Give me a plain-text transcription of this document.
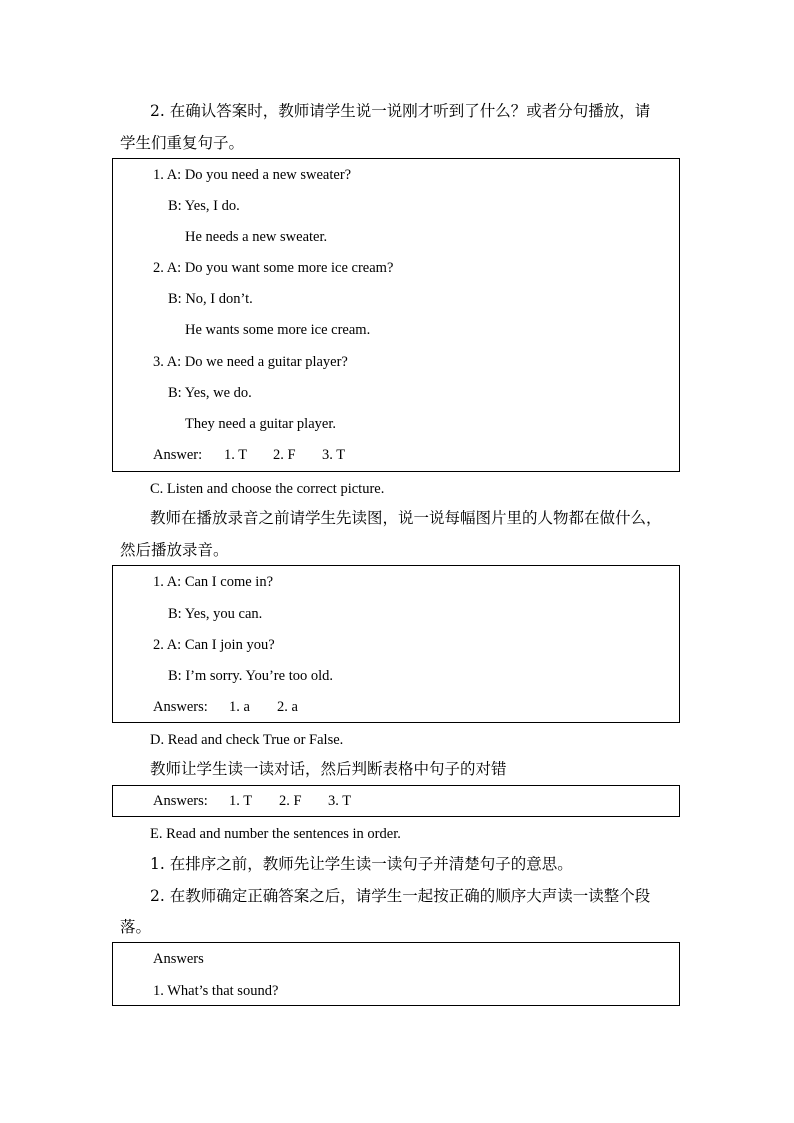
2. 在确认答案时，教师请学生说一说刚才听到了什么？或者分句播放，请
学生们重复句子。
1. A: Do you need a new sweater?
B: Yes, I do.
He needs a new sweater.
2. A: Do you want some more ice cream?
B: No, I don’t.
He wants some more ice cream.
3. A: Do we need a guitar player?
B: Yes, we do.
They need a guitar player.
Answer: 1. T 2. F 3. T
C. Listen and choose the correct picture.
教师在播放录音之前请学生先读图，说一说每幅图片里的人物都在做什么，
然后播放录音。
1. A: Can I come in?
B: Yes, you can.
2. A: Can I join you?
B: I’m sorry. You’re too old.
Answers: 1. a 2. a
D. Read and check True or False.
教师让学生读一读对话，然后判断表格中句子的对错
Answers: 1. T 2. F 3. T
E. Read and number the sentences in order.
1. 在排序之前，教师先让学生读一读句子并清楚句子的意思。
2. 在教师确定正确答案之后，请学生一起按正确的顺序大声读一读整个段
落。
Answers
1. What’s that sound?
